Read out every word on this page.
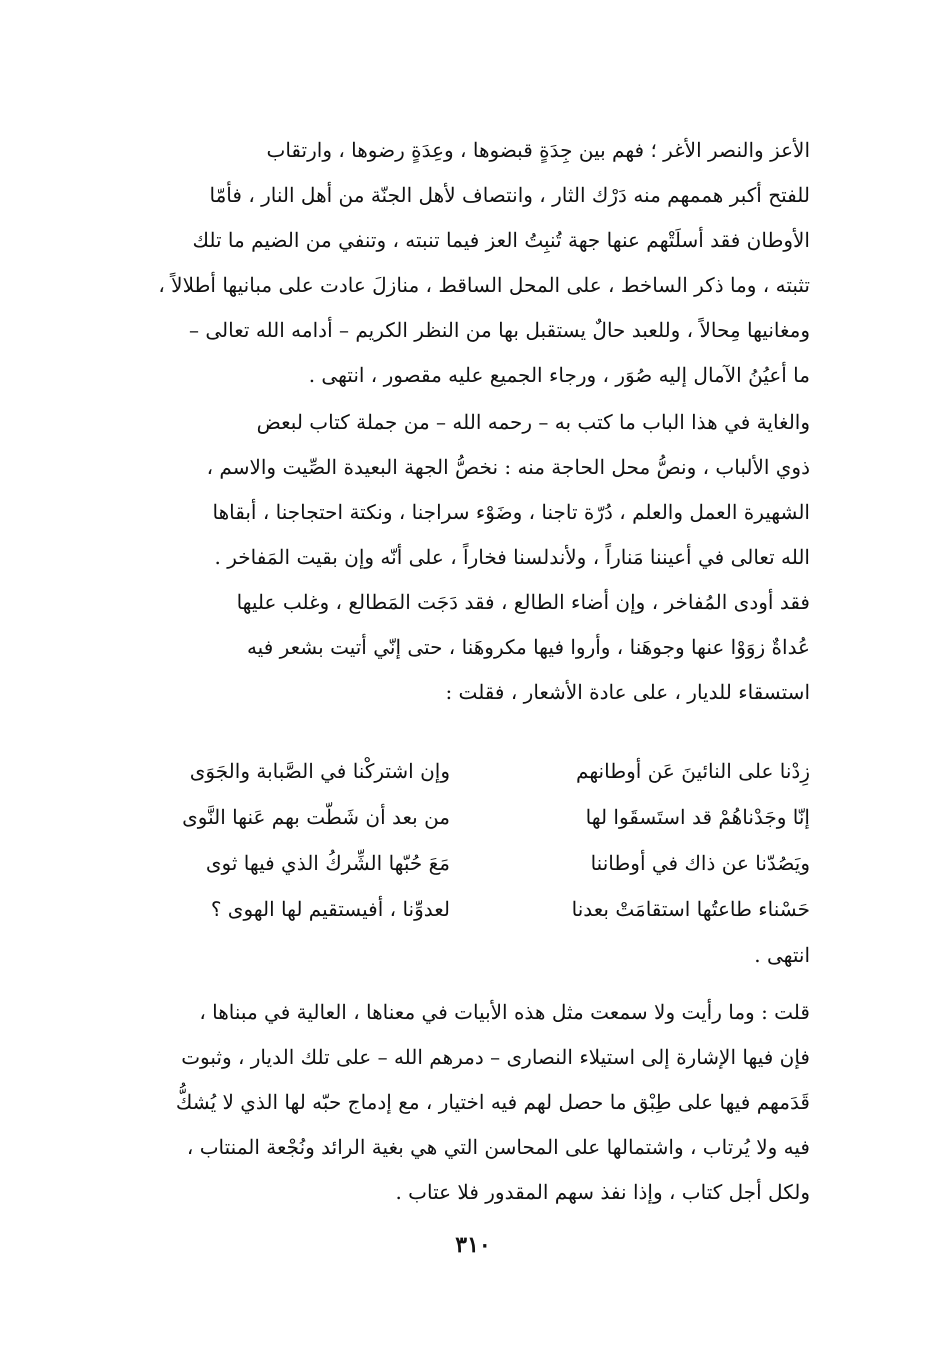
الأعز والنصر الأغر ؛ فهم بين جِدَةٍ قبضوها ، وعِدَةٍ رضوها ، وارتقاب
للفتح أكبر هممهم منه دَرْك الثار ، وانتصاف لأهل الجنّة من أهل النار ، فأمّا
الأوطان فقد أسلَتْهم عنها جهة تُنبِتُ العز فيما تنبته ، وتنفي من الضيم ما تلك
تثبته ، وما ذكر الساخط ، على المحل الساقط ، منازلَ عادت على مبانيها أطلالاً ،
ومغانيها مِحالاً ، وللعبد حالٌ يستقبل بها من النظر الكريم – أدامه الله تعالى –
ما أعيُنُ الآمال إليه صُوَر ، ورجاء الجميع عليه مقصور ، انتهى .
والغاية في هذا الباب ما كتب به – رحمه الله – من جملة كتاب لبعض
ذوي الألباب ، ونصُّ محل الحاجة منه : نخصُّ الجهة البعيدة الصِّيت والاسم ،
الشهيرة العمل والعلم ، دُرّة تاجنا ، وضَوْء سراجنا ، ونكتة احتجاجنا ، أبقاها
الله تعالى في أعيننا مَناراً ، ولأندلسنا فخاراً ، على أنّه وإن بقيت المَفاخر .
فقد أودى المُفاخر ، وإن أضاء الطالع ، فقد دَجَت المَطالع ، وغلب عليها
عُداةٌ زوَوْا عنها وجوهَنا ، وأروا فيها مكروهَنا ، حتى إنّي أتيت بشعر فيه
استسقاء للديار ، على عادة الأشعار ، فقلت :
زِدْنا على النائينَ عَن أوطانهم
وإن اشتركْنا في الصَّبابة والجَوَى
إنّا وجَدْناهُمْ قد استَسقَوا لها
من بعد أن شَطّت بهم عَنها النَّوى
ويَصُدّنا عن ذاك في أوطاننا
مَعَ حُبّها الشِّركُ الذي فيها ثوى
حَسْناء طاعتُها استقامَتْ بعدنا
لعدوِّنا ، أفيستقيم لها الهوى ؟
انتهى .
قلت : وما رأيت ولا سمعت مثل هذه الأبيات في معناها ، العالية في مبناها ،
فإن فيها الإشارة إلى استيلاء النصارى – دمرهم الله – على تلك الديار ، وثبوت
قَدَمهم فيها على طِبْق ما حصل لهم فيه اختيار ، مع إدماج حبّه لها الذي لا يُشكُّ
فيه ولا يُرتاب ، واشتمالها على المحاسن التي هي بغية الرائد ونُجْعة المنتاب ،
ولكل أجل كتاب ، وإذا نفذ سهم المقدور فلا عتاب .
٣١٠
